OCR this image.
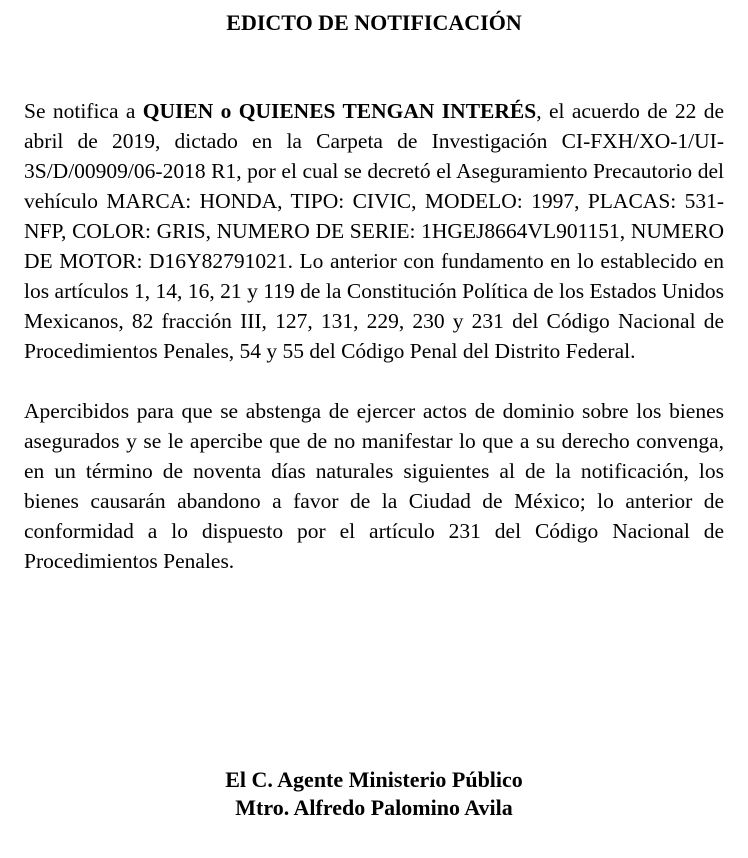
EDICTO DE NOTIFICACIÓN

Se notifica a QUIEN o QUIENES TENGAN INTERÉS, el acuerdo de 22 de abril de 2019, dictado en la Carpeta de Investigación CI-FXH/XO-1/UI-3S/D/00909/06-2018 R1, por el cual se decretó el Aseguramiento Precautorio del vehículo MARCA: HONDA, TIPO: CIVIC, MODELO: 1997, PLACAS: 531-NFP, COLOR: GRIS, NUMERO DE SERIE: 1HGEJ8664VL901151, NUMERO DE MOTOR: D16Y82791021. Lo anterior con fundamento en lo establecido en los artículos 1, 14, 16, 21 y 119 de la Constitución Política de los Estados Unidos Mexicanos, 82 fracción III, 127, 131, 229, 230 y 231 del Código Nacional de Procedimientos Penales, 54 y 55 del Código Penal del Distrito Federal.

Apercibidos para que se abstenga de ejercer actos de dominio sobre los bienes asegurados y se le apercibe que de no manifestar lo que a su derecho convenga, en un término de noventa días naturales siguientes al de la notificación, los bienes causarán abandono a favor de la Ciudad de México; lo anterior de conformidad a lo dispuesto por el artículo 231 del Código Nacional de Procedimientos Penales.

El C. Agente Ministerio Público
Mtro. Alfredo Palomino Avila
